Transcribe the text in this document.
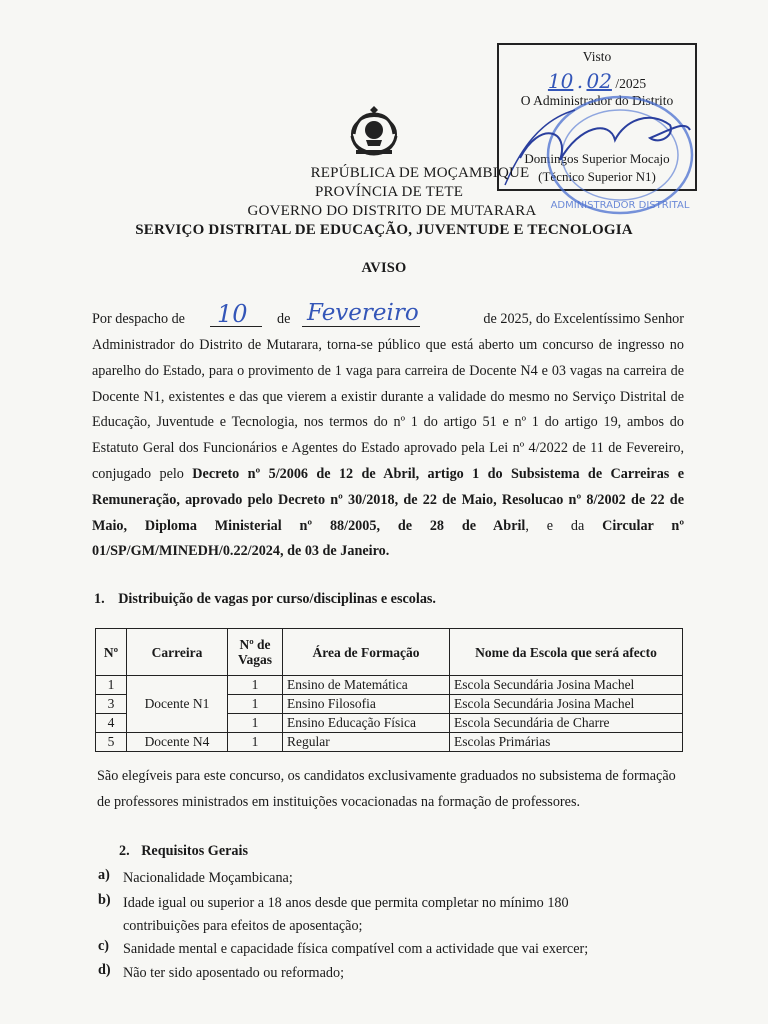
Visto
10 . 02 /2025
O Administrador do Distrito
Domingos Superior Mocajo
(Técnico Superior N1)
ADMINISTRADOR DISTRITAL
REPÚBLICA DE MOÇAMBIQUE
PROVÍNCIA DE TETE
GOVERNO DO DISTRITO DE MUTARARA
SERVIÇO DISTRITAL DE EDUCAÇÃO, JUVENTUDE E TECNOLOGIA
AVISO
Por despacho de 10 de Fevereiro	de 2025, do Excelentíssimo Senhor
Administrador do Distrito de Mutarara, torna-se público que está aberto um concurso de ingresso no aparelho do Estado, para o provimento de 1 vaga para carreira de Docente N4 e 03 vagas na carreira de Docente N1, existentes e das que vierem a existir durante a validade do mesmo no Serviço Distrital de Educação, Juventude e Tecnologia, nos termos do nº 1 do artigo 51 e nº 1 do artigo 19, ambos do Estatuto Geral dos Funcionários e Agentes do Estado aprovado pela Lei nº 4/2022 de 11 de Fevereiro, conjugado pelo Decreto nº 5/2006 de 12 de Abril, artigo 1 do Subsistema de Carreiras e Remuneração, aprovado pelo Decreto nº 30/2018, de 22 de Maio, Resolucao nº 8/2002 de 22 de Maio, Diploma Ministerial nº 88/2005, de 28 de Abril, e da Circular nº 01/SP/GM/MINEDH/0.22/2024, de 03 de Janeiro.
1. Distribuição de vagas por curso/disciplinas e escolas.
Nº	Carreira	Nº de Vagas	Área de Formação	Nome da Escola que será afecto
1	Docente N1	1	Ensino de Matemática	Escola Secundária Josina Machel
3		1	Ensino Filosofia	Escola Secundária Josina Machel
4		1	Ensino Educação Física	Escola Secundária de Charre
5	Docente N4	1	Regular	Escolas Primárias
São elegíveis para este concurso, os candidatos exclusivamente graduados no subsistema de formação de professores ministrados em instituições vocacionadas na formação de professores.
2. Requisitos Gerais
a) Nacionalidade Moçambicana;
b) Idade igual ou superior a 18 anos desde que permita completar no mínimo 180 contribuições para efeitos de aposentação;
c) Sanidade mental e capacidade física compatível com a actividade que vai exercer;
d) Não ter sido aposentado ou reformado;
